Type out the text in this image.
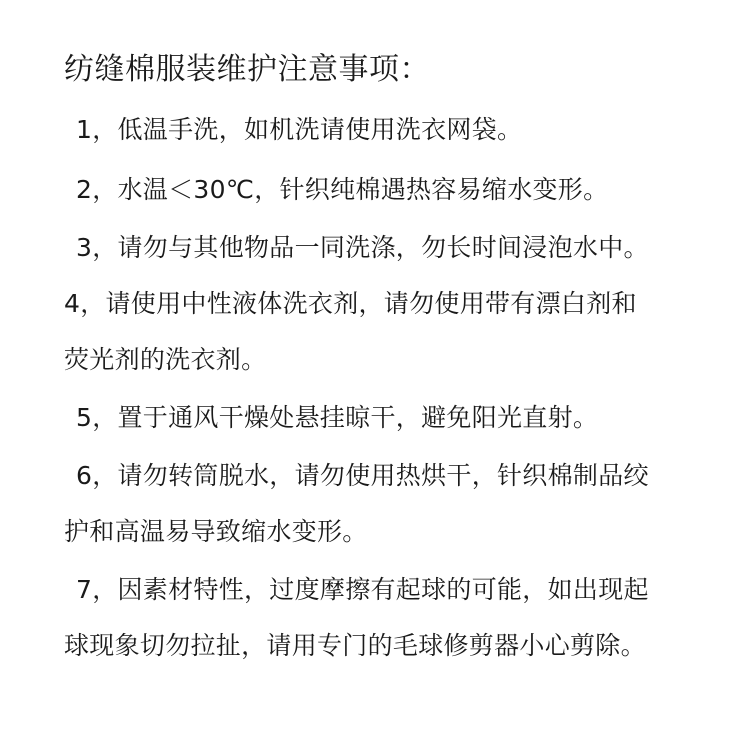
纺缝棉服装维护注意事项：
1，低温手洗，如机洗请使用洗衣网袋。
2，水温＜30℃，针织纯棉遇热容易缩水变形。
3，请勿与其他物品一同洗涤，勿长时间浸泡水中。
4，请使用中性液体洗衣剂，请勿使用带有漂白剂和
荧光剂的洗衣剂。
5，置于通风干燥处悬挂晾干，避免阳光直射。
6，请勿转筒脱水，请勿使用热烘干，针织棉制品绞
护和高温易导致缩水变形。
7，因素材特性，过度摩擦有起球的可能，如出现起
球现象切勿拉扯，请用专门的毛球修剪器小心剪除。
